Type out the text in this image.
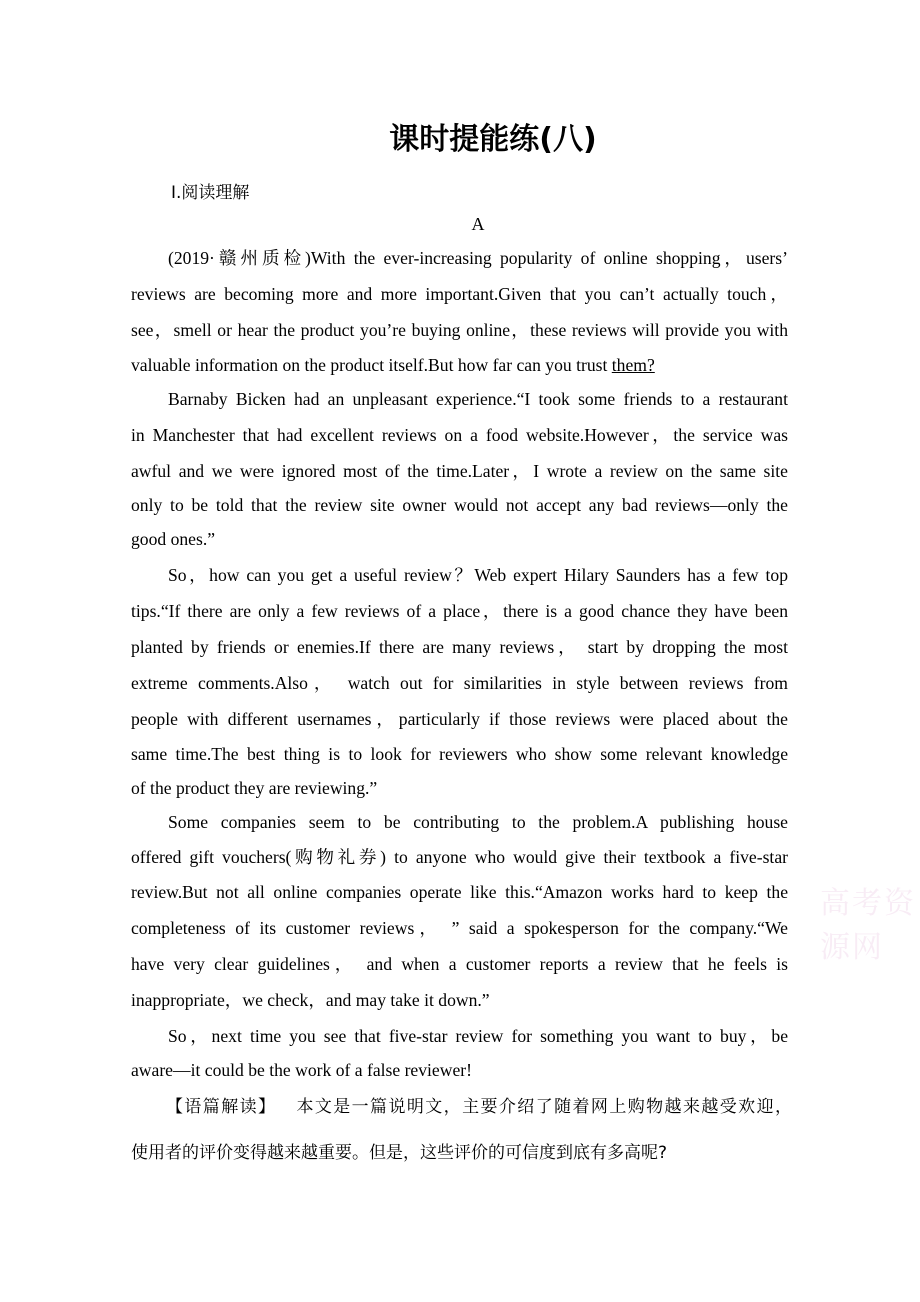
课时提能练(八)
Ⅰ.阅读理解
A
(2019·赣州质检)With the ever-increasing popularity of online shopping，users’
reviews are becoming more and more important.Given that you can’t actually touch，
see，smell or hear the product you’re buying online，these reviews will provide you with
valuable information on the product itself.But how far can you trust them?
Barnaby Bicken had an unpleasant experience.“I took some friends to a restaurant
in Manchester that had excellent reviews on a food website.However，the service was
awful and we were ignored most of the time.Later，I wrote a review on the same site
only to be told that the review site owner would not accept any bad reviews—only the
good ones.”
So，how can you get a useful review？Web expert Hilary Saunders has a few top
tips.“If there are only a few reviews of a place，there is a good chance they have been
planted by friends or enemies.If there are many reviews， start by dropping the most
extreme comments.Also， watch out for similarities in style between reviews from
people with different usernames，particularly if those reviews were placed about the
same time.The best thing is to look for reviewers who show some relevant knowledge
of the product they are reviewing.”
Some companies seem to be contributing to the problem.A publishing house
offered gift vouchers(购物礼券) to anyone who would give their textbook a five-star
review.But not all online companies operate like this.“Amazon works hard to keep the
completeness of its customer reviews， ” said a spokesperson for the company.“We
have very clear guidelines， and when a customer reports a review that he feels is
inappropriate，we check，and may take it down.”
So，next time you see that five-star review for something you want to buy，be
aware—it could be the work of a false reviewer!
【语篇解读】 本文是一篇说明文，主要介绍了随着网上购物越来越受欢迎，
使用者的评价变得越来越重要。但是，这些评价的可信度到底有多高呢?
高考资源网
